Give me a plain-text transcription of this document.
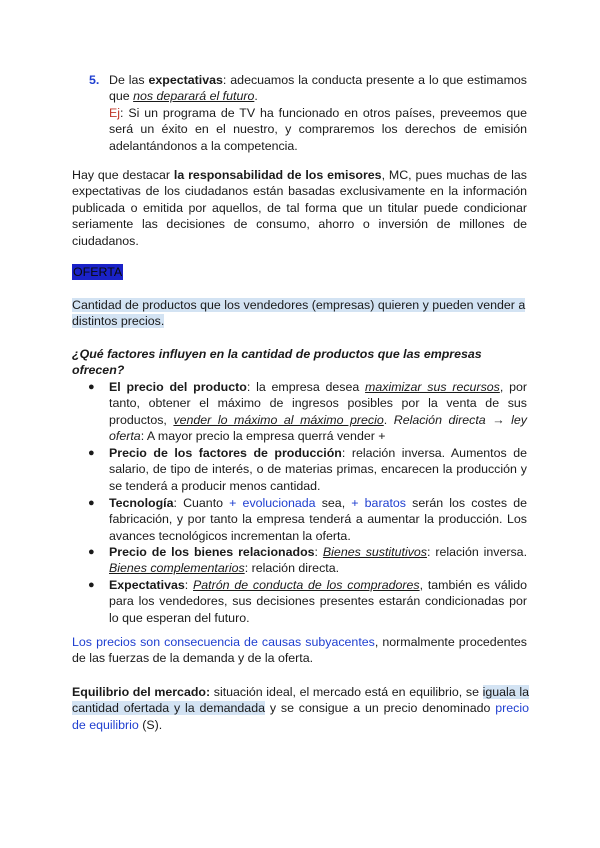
5. De las expectativas: adecuamos la conducta presente a lo que estimamos que nos deparará el futuro.
Ej: Si un programa de TV ha funcionado en otros países, preveemos que será un éxito en el nuestro, y compraremos los derechos de emisión adelantándonos a la competencia.

Hay que destacar la responsabilidad de los emisores, MC, pues muchas de las expectativas de los ciudadanos están basadas exclusivamente en la información publicada o emitida por aquellos, de tal forma que un titular puede condicionar seriamente las decisiones de consumo, ahorro o inversión de millones de ciudadanos.

OFERTA

Cantidad de productos que los vendedores (empresas) quieren y pueden vender a distintos precios.

¿Qué factores influyen en la cantidad de productos que las empresas ofrecen?

● El precio del producto: la empresa desea maximizar sus recursos, por tanto, obtener el máximo de ingresos posibles por la venta de sus productos, vender lo máximo al máximo precio. Relación directa → ley oferta: A mayor precio la empresa querrá vender +
● Precio de los factores de producción: relación inversa. Aumentos de salario, de tipo de interés, o de materias primas, encarecen la producción y se tenderá a producir menos cantidad.
● Tecnología: Cuanto + evolucionada sea, + baratos serán los costes de fabricación, y por tanto la empresa tenderá a aumentar la producción. Los avances tecnológicos incrementan la oferta.
● Precio de los bienes relacionados: Bienes sustitutivos: relación inversa. Bienes complementarios: relación directa.
● Expectativas: Patrón de conducta de los compradores, también es válido para los vendedores, sus decisiones presentes estarán condicionadas por lo que esperan del futuro.

Los precios son consecuencia de causas subyacentes, normalmente procedentes de las fuerzas de la demanda y de la oferta.

Equilibrio del mercado: situación ideal, el mercado está en equilibrio, se iguala la cantidad ofertada y la demandada y se consigue a un precio denominado precio de equilibrio (S).
